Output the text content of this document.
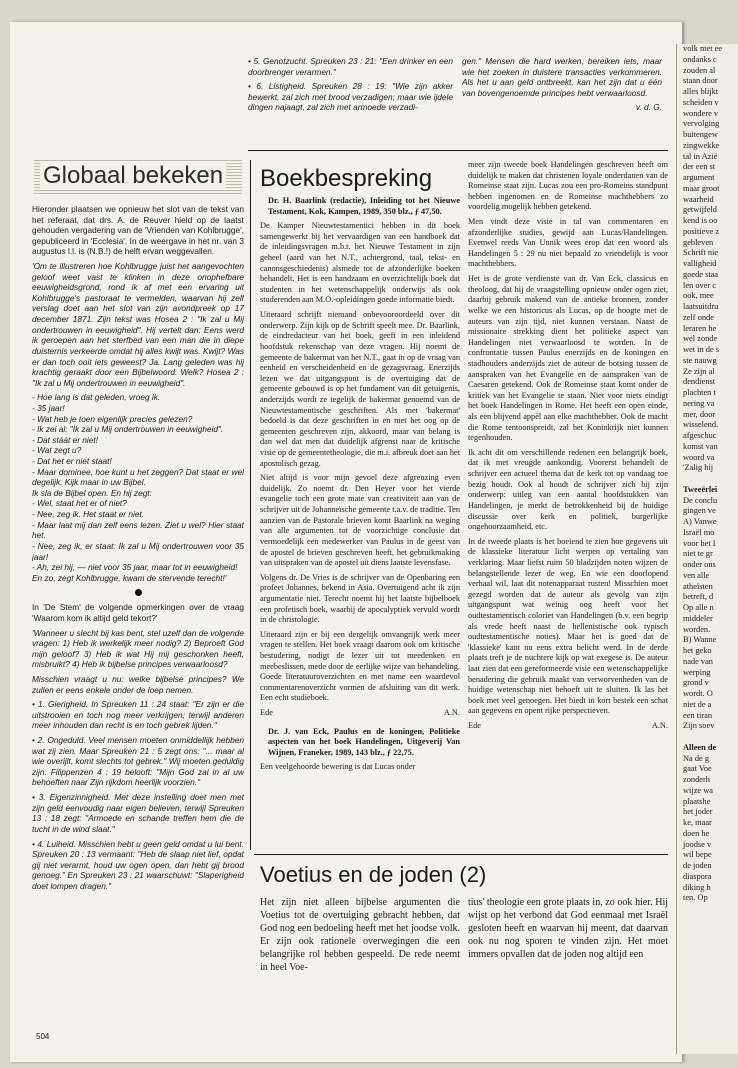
• 5. Genotzucht. Spreuken 23 : 21: "Een drinker en een doorbrenger verarmen."

• 6. Listigheid. Spreuken 28 : 19: "Wie zijn akker bewerkt, zal zich met brood verzadigen; maar wie ijdele dingen najaagt, zal zich met armoede verzadi-

gen." Mensen die hard werken, bereiken iets, maar wie het zoeken in duistere transacties verkommeren. Als het u aan geld ontbreekt, kan het zijn dat u één van bovengenoemde principes hebt verwaarloosd.

v. d. G.

Globaal bekeken

Hieronder plaatsen we opnieuw het slot van de tekst van het referaat, dat drs. A. de Reuver hield op de laatst gehouden vergadering van de 'Vrienden van Kohlbrugge', gepubliceerd in 'Ecclesia'. In de weergave in het nr. van 3 augustus l.l. is (N.B.!) de helft ervan weggevallen.

'Om te illustreren hoe Kohlbrugge juist het aangevochten geloof weet vast te klinken in deze onophefbare eeuwigheidsgrond, rond ik af met een ervaring uit Kohlbrugge's pastoraat te vermelden, waarvan hij zelf verslag doet aan het slot van zijn avondpreek op 17 december 1871. Zijn tekst was Hosea 2 : "Ik zal u Mij ondertrouwen in eeuwigheid". Hij vertelt dan: Eens werd ik geroepen aan het sterfbed van een man die in diepe duisternis verkeerde omdat hij alles kwijt was. Kwijt? Was er dan toch ooit iets geweest? Ja. Lang geleden was hij krachtig geraakt door een Bijbelwoord. Welk? Hosea 2 : "Ik zal u Mij ondertrouwen in eeuwigheid".

- Hoe lang is dat geleden, vroeg ik.

- 35 jaar!

- Wat heb je toen eigenlijk precies gelezen?

- Ik zei al: "Ik zal u Mij ondertrouwen in eeuwigheid".

- Dat stáát er niet!

- Wat zegt u?

- Dat het er niet staat!

- Maar dominee, hoe kunt u het zeggen? Dat staat er wel degelijk. Kijk maar in uw Bijbel.

Ik sla de Bijbel open. En hij zegt:

- Wel, staat het er of niet?

- Nee, zeg ik. Het staat er niet.

- Maar laat mij dan zelf eens lezen. Ziet u wel? Hier staat het.

- Nee, zeg ik, er staat: Ik zal u Mij ondertrouwen voor 35 jaar!

- Ah, zei hij, — niet voor 35 jaar, maar tot in eeuwigheid!

En zo, zegt Kohlbrugge, kwam de stervende terecht!'

In 'De Stem' de volgende opmerkingen over de vraag 'Waarom kom ik altijd geld tekort?'

'Wanneer u slecht bij kas bent, stel uzelf dan de volgende vragen: 1) Heb ik werkelijk meer nodig? 2) Beproeft God mijn geloof? 3) Heb ik wat Hij mij geschonken heeft, misbruikt? 4) Heb ik bijbelse principes verwaarloosd?

Misschien vraagt u nu: welke bijbelse principes? We zullen er eens enkele onder de loep nemen.

• 1. Gierigheid. In Spreuken 11 : 24 staat: "Er zijn er die uitstrooien en toch nog meer verkrijgen; terwijl anderen meer inhouden dan recht is en toch gebrek lijden."

• 2. Ongeduld. Veel mensen moeten onmiddellijk hebben wat zij zien. Maar Spreuken 21 : 5 zegt ons: "... maar al wie overijlt, komt slechts tot gebrek." Wij moeten geduldig zijn. Filippenzen 4 : 19 belooft: "Mijn God zal in al uw behoeften naar Zijn rijkdom heerlijk voorzien."

• 3. Eigenzinnigheid. Met deze instelling doet men met zijn geld eenvoudig naar eigen believen, terwijl Spreuken 13 : 18 zegt: "Armoede en schande treffen hem die de tucht in de wind slaat."

• 4. Luiheid. Misschien hebt u geen geld omdat u lui bent. Spreuken 20 : 13 vermaant: "Heb de slaap niet lief, opdat gij niet verarmt, houd uw ogen open, dan hebt gij brood genoeg." En Spreuken 23 : 21 waarschuwt: "Slaperigheid doet lompen dragen."

Boekbespreking

Dr. H. Baarlink (redactie), Inleiding tot het Nieuwe Testament, Kok, Kampen, 1989, 350 blz., ƒ 47,50.

De Kamper Nieuwtestamentici hebben in dit boek samengewerkt bij het vervaardigen van een handboek dat de inleidingsvragen m.b.t. het Nieuwe Testament in zijn geheel (aard van het N.T., achtergrond, taal, tekst- en canonsgeschiedenis) alsmede tot de afzonderlijke boeken behandelt. Het is een handzaam en overzichtelijk boek dat studenten in het wetenschappelijk onderwijs als ook studerenden aan M.O.-opleidingen goede informatie biedt.

Uiteraard schrijft niemand onbevooroordeeld over dit onderwerp. Zijn kijk op de Schrift speelt mee. Dr. Baarlink, de eindredacteur van het boek, geeft in een inleidend hoofdstuk rekenschap van deze vragen. Hij noemt de gemeente de bakermat van het N.T., gaat in op de vraag van eenheid en verscheidenheid en de gezagsvraag. Enerzijds lezen we dat uitgangspunt is de overtuiging dat de gemeente gebouwd is op het fundament van dit getuigenis, anderzijds wordt ze tegelijk de bakermat genoemd van de Nieuwtestamentische geschriften. Als met 'bakermat' bedoeld is dat deze geschriften in en met het oog op de gemeenten geschreven zijn, akkoord, maar van belang is dan wel dat men dat duidelijk afgrenst naar de kritische visie op de gemeentetheologie, die m.i. afbreuk doet aan het apostolisch gezag.

Niet altijd is voor mijn gevoel deze afgrenzing even duidelijk. Zo noemt dr. Den Heyer voor het vierde evangelie toch een grote mate van creativiteit aan van de schrijver uit de Johanneïsche gemeente t.a.v. de traditie. Ten aanzien van de Pastorale brieven komt Baarlink na weging van alle argumenten tot de voorzichtige conclusie dat vermoedelijk een medewerker van Paulus in de geest van de apostel de brieven geschreven heeft, het gebruikmaking van uitspraken van de apostel uit diens laatste levensfase.

Volgens dr. De Vries is de schrijver van de Openbaring een profeet Johannes, bekend in Asia. Overtuigend acht ik zijn argumentatie niet. Terecht noemt hij het laatste bijbelboek een profetisch boek, waarbij de apocalyptiek vervuld wordt in de christologie.

Uiteraard zijn er bij een dergelijk omvangrijk werk meer vragen te stellen. Het boek vraagt daarom ook om kritische bestudering, nodigt de lezer uit tot meedenken en meebeslissen, mede door de eerlijke wijze van behandeling. Goede literatuuroverzichten en met name een waardevol commentarenoverzicht vormen de afsluiting van dit werk. Een echt studieboek.

Ede	A.N.

Dr. J. van Eck, Paulus en de koningen, Politieke aspecten van het boek Handelingen, Uitgeverij Van Wijnen, Franeker, 1989, 143 blz., ƒ 22,75.

Een veelgehoorde bewering is dat Lucas onder

meer zijn tweede boek Handelingen geschreven heeft om duidelijk te maken dat christenen loyale onderdanen van de Romeinse staat zijn. Lucas zou een pro-Romeins standpunt hebben ingenomen en de Romeinse machthebbers zo voordelig mogelijk hebben getekend.

Men vindt deze visie in tal van commentaren en afzonderlijke studies, gewijd aan Lucas/Handelingen. Evenwel reeds Van Unnik wees erop dat een woord als Handelingen 5 : 29 nu niet bepaald zo vriendelijk is voor machthebbers.

Het is de grote verdienste van dr. Van Eck, classicus en theoloog, dat hij de vraagstelling opnieuw onder ogen ziet, daarbij gebruik makend van de antieke bronnen, zonder welke we een historicus als Lucas, op de hoogte met de auteurs van zijn tijd, niet kunnen verstaan. Naast de missionaire strekking dient het politieke aspect van Handelingen niet verwaarloosd te worden. In de confrontatie tussen Paulus enerzijds en de koningen en stadhouders anderzijds ziet de auteur de botsing tussen de aanspraken van het Evangelie en de aanspraken van de Caesaren getekend. Ook de Romeinse staat komt onder de kritiek van het Evangelie te staan. Niet voor niets eindigt het boek Handelingen in Rome. Het heeft een open einde, als een blijvend appèl aan elke machthebber. Ook de macht die Rome tentoonspreidt, zal het Koninkrijk niet kunnen tegenhouden.

Ik acht dit om verschillende redenen een belangrijk boek, dat ik met vreugde aankondig. Voorerst behandelt de schrijver een actueel thema dat de kerk tot op vandaag toe bezig houdt. Ook al houdt de schrijver zich bij zijn onderwerp: uitleg van een aantal hoofdstukken van Handelingen, je merkt de betrokkenheid bij de huidige discussie over kerk en politiek, burgerlijke ongehoorzaamheid, etc.

In de tweede plaats is het boeiend te zien hoe gegevens uit de klassieke literatuur licht werpen op vertaling van verklaring. Maar liefst ruim 50 bladzijden noten wijzen de belangstellende lezer de weg. En wie een doorlopend verhaal wil, laat dit notenapparaat rusten! Misschien moet gezegd worden dat de auteur als gevolg van zijn uitgangspunt wat weinig oog heeft voor het oudtestamentisch coloriet van Handelingen (b.v. een begrip als vrede heeft naast de hellenistische ook typisch oudtestamentische noties). Maar het is goed dat de 'klassieke' kant nu eens extra belicht werd. In de derde plaats treft je de nuchtere kijk op wat exegese is. De auteur laat zien dat een gereformeerde visie een wetenschappelijke benadering die gebruik maakt van verworvenheden van de huidige wetenschap niet behoeft uit te sluiten. Ik las het boek met veel genoegen. Het biedt in kort bestek een schat aan gegevens en opent rijke perspectieven.

Ede	A.N.
Voetius en de joden (2)

Het zijn niet alleen bijbelse argumenten die Voetius tot de overtuiging gebracht hebben, dat God nog een bedoeling heeft met het joodse volk. Er zijn ook rationele overwegingen die een belangrijke rol hebben gespeeld. De rede neemt in heel Voe-

tius' theologie een grote plaats in, zo ook hier. Hij wijst op het verbond dat God eenmaal met Israël gesloten heeft en waarvan hij meent, dat daarvan ook nu nog sporen te vinden zijn. Het moet immers opvallen dat de joden nog altijd een

504
volk met ee
ondanks c
zouden al
staan door
alles blijkt
scheiden v
wondere v
vervolging
buitengew
zingwekke
tal in Azië
der een st
argument
maar groot
waarheid
getwijfeld
kend is oo
positieve z
gebleven
Schrift nie
valligheid
goede staa
len over c
ook, mee
laatsuitdru
zelf onde
leraren he
wel zonde
wet in de s
ste nauwg
Ze zijn al
dendienst
plachten t
nering va
mer, door
wisselend.
afgeschuc
komst van
woord va
'Zalig hij

Tweeërlei
De conclu
gingen ve
A) Vanwe
Israël mo
voor het I
niet te gr
onder ons
ven alle
atheïsten
betreft, d
Op alle n
middeler
worden.
B) Wanne
het geko
nade van
werping
grond v
wordt. O
niet de a
een tiran
Zijn soev

Alleen de
Na de g
gaat Voe
zonderh
wijze wa
plaatshe
het joder
ke, maar
doen he
joodse v
wil bepe
de joden
diaspora
diking h
ten. Op
